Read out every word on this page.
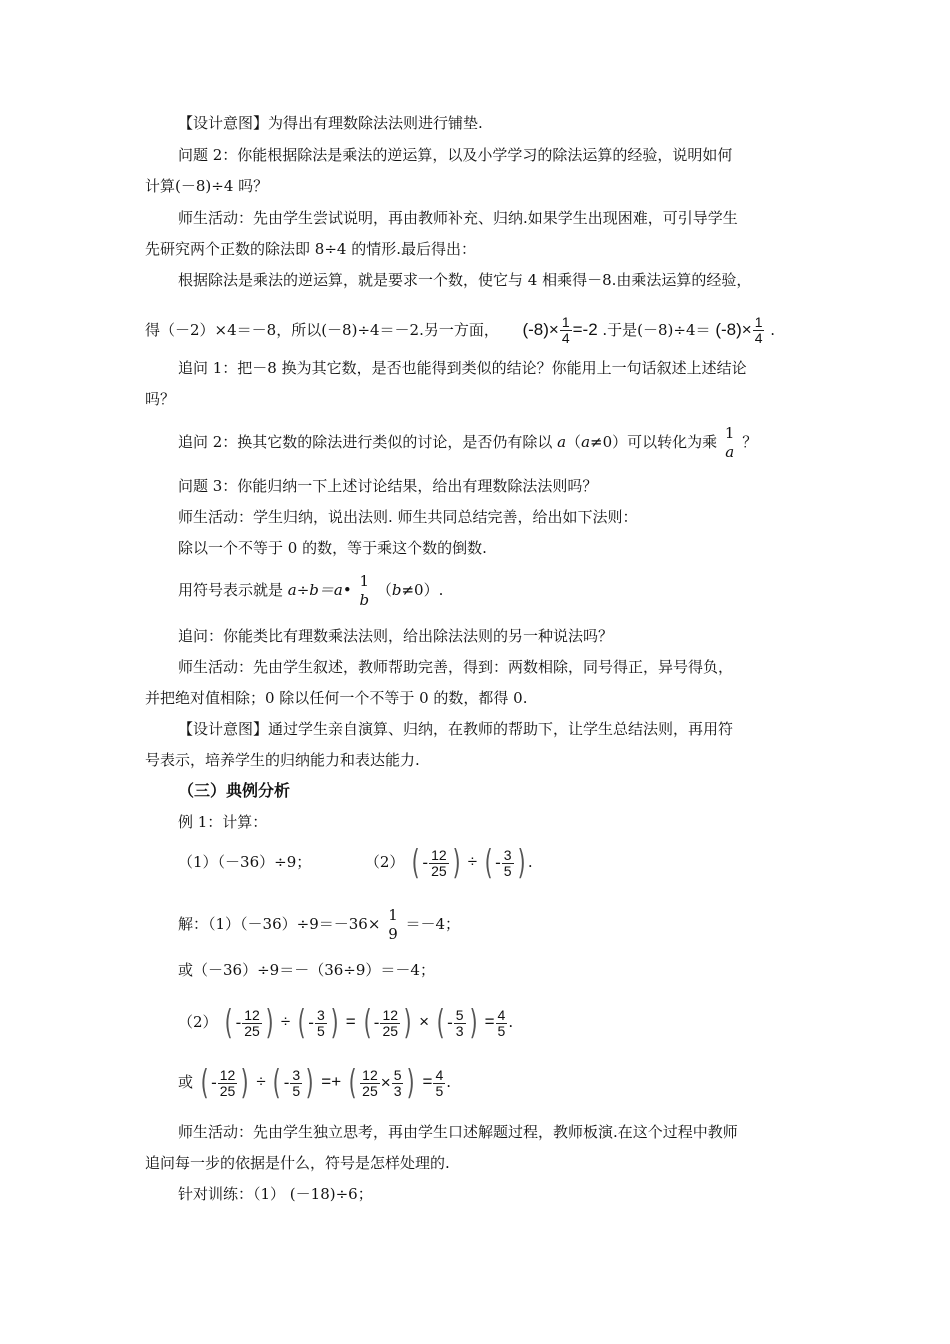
【设计意图】为得出有理数除法法则进行铺垫.
问题 2：你能根据除法是乘法的逆运算，以及小学学习的除法运算的经验，说明如何
计算(－8)÷4 吗？
师生活动：先由学生尝试说明，再由教师补充、归纳.如果学生出现困难，可引导学生
先研究两个正数的除法即 8÷4 的情形.最后得出：
根据除法是乘法的逆运算，就是要求一个数，使它与 4 相乘得－8.由乘法运算的经验，
得（－2）×4＝－8，所以(－8)÷4＝－2.另一方面， $(-8)\times \frac{1}{4} =-2$ .于是$(-8)\div 4= (-8)\times \frac{1}{4}$ .
追问 1：把－8 换为其它数，是否也能得到类似的结论？你能用上一句话叙述上述结论
吗？
追问 2：换其它数的除法进行类似的讨论，是否仍有除以 a（a≠0）可以转化为乘
1
a
？
问题 3：你能归纳一下上述讨论结果，给出有理数除法法则吗？
师生活动：学生归纳，说出法则. 师生共同总结完善，给出如下法则：
除以一个不等于 0 的数，等于乘这个数的倒数.
用符号表示就是 a÷b＝a•
1
b
（b≠0）.
追问：你能类比有理数乘法法则，给出除法法则的另一种说法吗？
师生活动：先由学生叙述，教师帮助完善，得到：两数相除，同号得正，异号得负，
并把绝对值相除；0 除以任何一个不等于 0 的数，都得 0.
【设计意图】通过学生亲自演算、归纳，在教师的帮助下，让学生总结法则，再用符
号表示，培养学生的归纳能力和表达能力.
（三）典例分析
例 1：计算：
（1）（－36）÷9；	（2） ( - $\frac{12}{25}$ ) ÷ ( - $\frac{3}{5}$ ) .
解：（1）（－36）÷9＝－36×
1
9
＝－4；
或（－36）÷9＝－（36÷9）＝－4；
（2） ( - $\frac{12}{25}$ ) ÷ ( - $\frac{3}{5}$ ) = ( - $\frac{12}{25}$ ) × ( - $\frac{5}{3}$ ) = $\frac{4}{5}$ .
或 ( - $\frac{12}{25}$ ) ÷ ( - $\frac{3}{5}$ ) =+ ( $\frac{12}{25} \times \frac{5}{3}$ ) = $\frac{4}{5}$ .
师生活动：先由学生独立思考，再由学生口述解题过程，教师板演.在这个过程中教师
追问每一步的依据是什么，符号是怎样处理的.
针对训练：（1） (－18)÷6；
